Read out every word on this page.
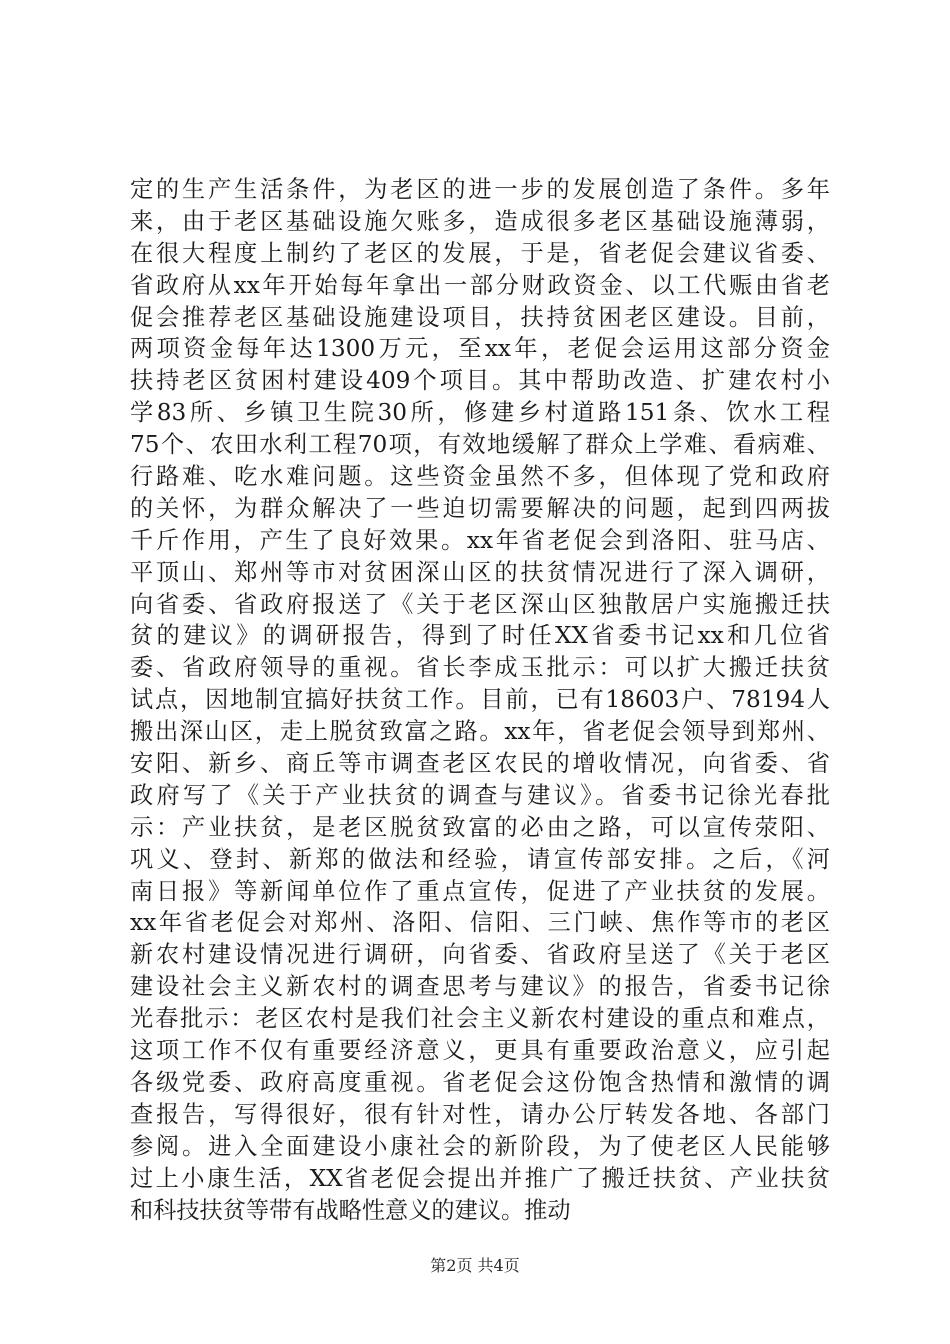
定的生产生活条件，为老区的进一步的发展创造了条件。多年
来，由于老区基础设施欠账多，造成很多老区基础设施薄弱，
在很大程度上制约了老区的发展，于是，省老促会建议省委、
省政府从xx年开始每年拿出一部分财政资金、以工代赈由省老
促会推荐老区基础设施建设项目，扶持贫困老区建设。目前，
两项资金每年达1300万元，至xx年，老促会运用这部分资金
扶持老区贫困村建设409个项目。其中帮助改造、扩建农村小
学83所、乡镇卫生院30所，修建乡村道路151条、饮水工程
75个、农田水利工程70项，有效地缓解了群众上学难、看病难、
行路难、吃水难问题。这些资金虽然不多，但体现了党和政府
的关怀，为群众解决了一些迫切需要解决的问题，起到四两拔
千斤作用，产生了良好效果。xx年省老促会到洛阳、驻马店、
平顶山、郑州等市对贫困深山区的扶贫情况进行了深入调研，
向省委、省政府报送了《关于老区深山区独散居户实施搬迁扶
贫的建议》的调研报告，得到了时任XX省委书记xx和几位省
委、省政府领导的重视。省长李成玉批示：可以扩大搬迁扶贫
试点，因地制宜搞好扶贫工作。目前，已有18603户、78194人
搬出深山区，走上脱贫致富之路。xx年，省老促会领导到郑州、
安阳、新乡、商丘等市调查老区农民的增收情况，向省委、省
政府写了《关于产业扶贫的调查与建议》。省委书记徐光春批
示：产业扶贫，是老区脱贫致富的必由之路，可以宣传荥阳、
巩义、登封、新郑的做法和经验，请宣传部安排。之后，《河
南日报》等新闻单位作了重点宣传，促进了产业扶贫的发展。
xx年省老促会对郑州、洛阳、信阳、三门峡、焦作等市的老区
新农村建设情况进行调研，向省委、省政府呈送了《关于老区
建设社会主义新农村的调查思考与建议》的报告，省委书记徐
光春批示：老区农村是我们社会主义新农村建设的重点和难点，
这项工作不仅有重要经济意义，更具有重要政治意义，应引起
各级党委、政府高度重视。省老促会这份饱含热情和激情的调
查报告，写得很好，很有针对性，请办公厅转发各地、各部门
参阅。进入全面建设小康社会的新阶段，为了使老区人民能够
过上小康生活，XX省老促会提出并推广了搬迁扶贫、产业扶贫
和科技扶贫等带有战略性意义的建议。推动
第2页 共4页
